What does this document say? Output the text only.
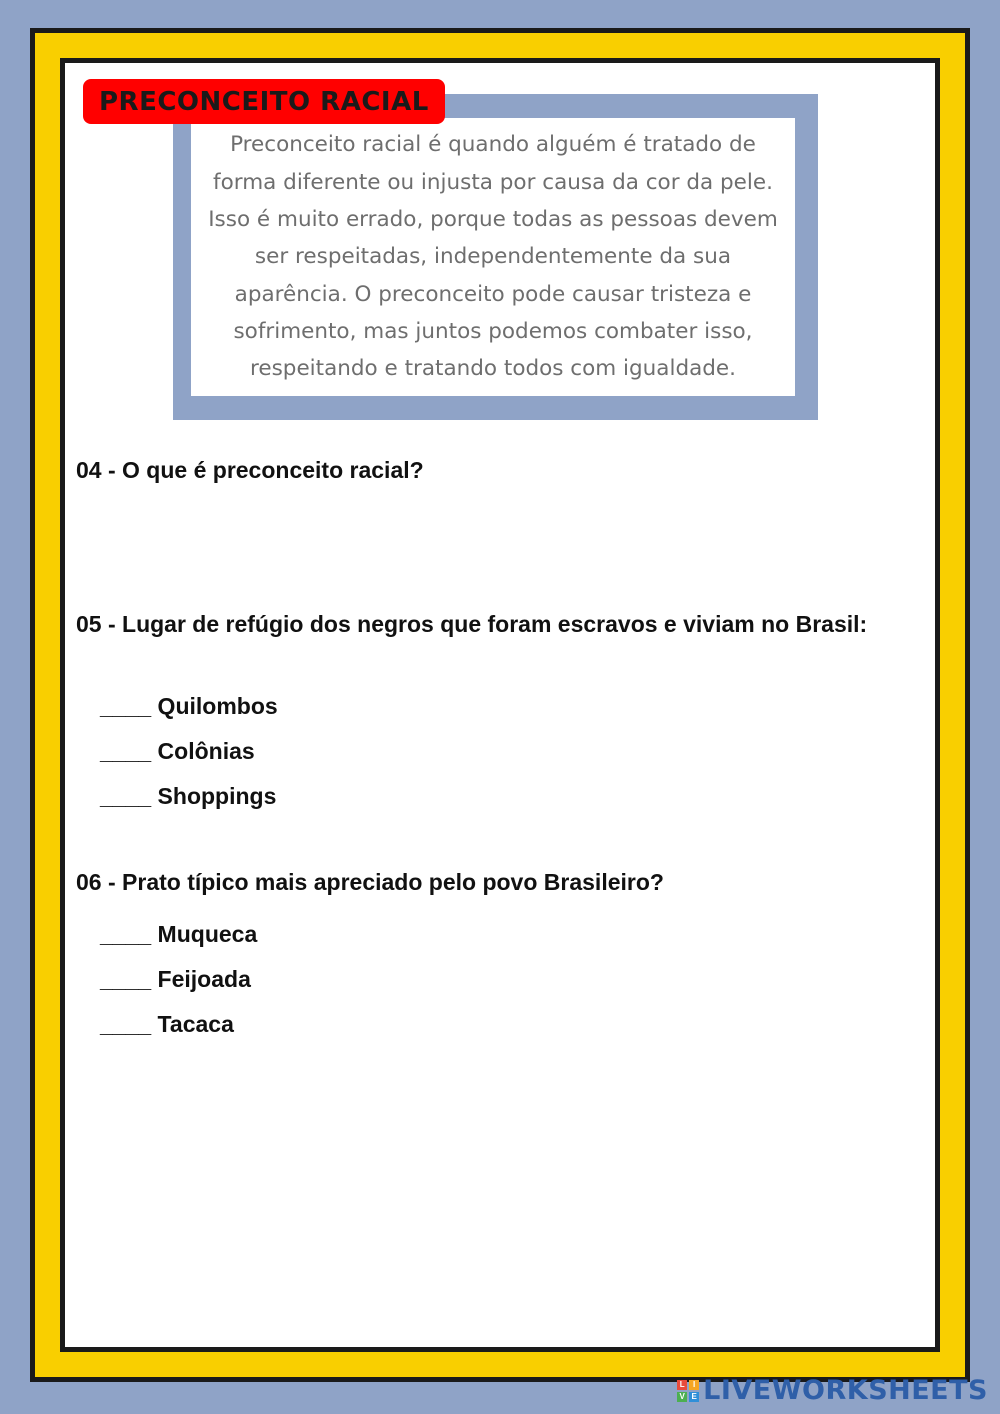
Preconceito racial é quando alguém é tratado de forma diferente ou injusta por causa da cor da pele. Isso é muito errado, porque todas as pessoas devem ser respeitadas, independentemente da sua aparência. O preconceito pode causar tristeza e sofrimento, mas juntos podemos combater isso, respeitando e tratando todos com igualdade.

PRECONCEITO RACIAL
04 - O que é preconceito racial?
05 - Lugar de refúgio dos negros que foram escravos e viviam no Brasil:
____ Quilombos
____ Colônias
____ Shoppings
06 - Prato típico mais apreciado pelo povo Brasileiro?
____ Muqueca
____ Feijoada
____ Tacaca
L	I
V E LIVEWORKSHEETS
